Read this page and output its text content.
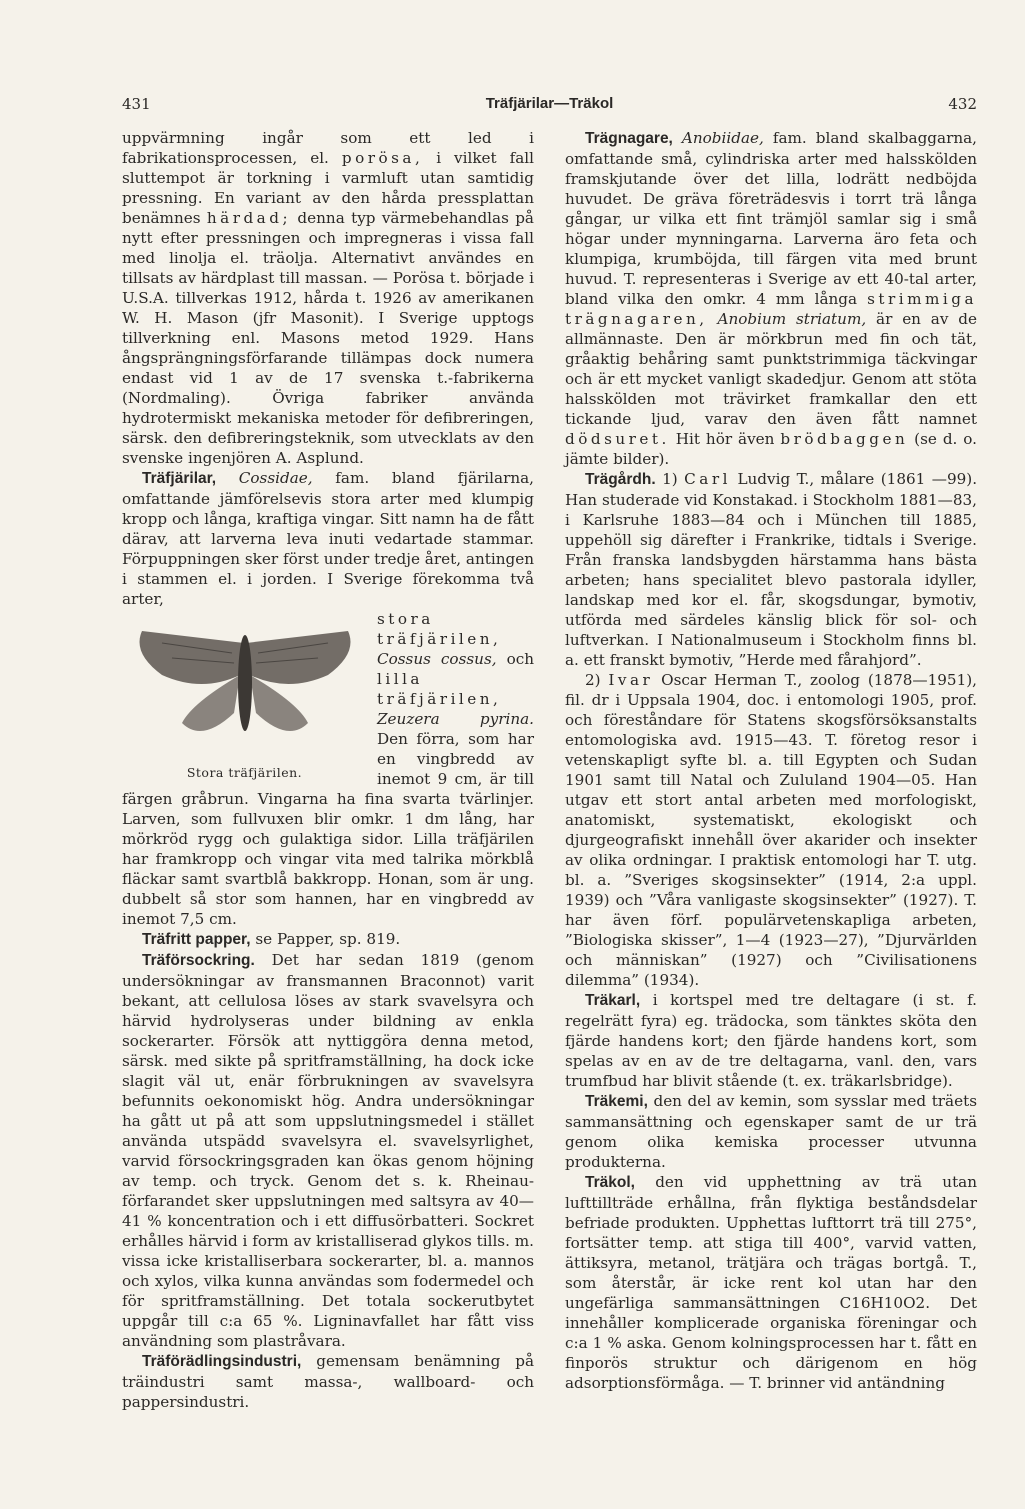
431	Träfjärilar—Träkol	432

uppvärmning ingår som ett led i fabrikationsprocessen, el. porösa, i vilket fall sluttempot är torkning i varmluft utan samtidig pressning. En variant av den hårda pressplattan benämnes härdad; denna typ värmebehandlas på nytt efter pressningen och impregneras i vissa fall med linolja el. träolja. Alternativt användes en tillsats av härdplast till massan. — Porösa t. började i U.S.A. tillverkas 1912, hårda t. 1926 av amerikanen W. H. Mason (jfr Masonit). I Sverige upptogs tillverkning enl. Masons metod 1929. Hans ångsprängningsförfarande tillämpas dock numera endast vid 1 av de 17 svenska t.-fabrikerna (Nordmaling). Övriga fabriker använda hydrotermiskt mekaniska metoder för defibreringen, särsk. den defibreringsteknik, som utvecklats av den svenske ingenjören A. Asplund.

Träfjärilar, Cossidae, fam. bland fjärilarna, omfattande jämförelsevis stora arter med klumpig kropp och långa, kraftiga vingar. Sitt namn ha de fått därav, att larverna leva inuti vedartade stammar. Förpuppningen sker först under tredje året, antingen i stammen el. i jorden. I Sverige förekomma två arter,

Stora träfjärilen.

stora träfjärilen, Cossus cossus, och lilla träfjärilen, Zeuzera pyrina. Den förra, som har en vingbredd av inemot 9 cm, är till färgen gråbrun. Vingarna ha fina svarta tvärlinjer. Larven, som fullvuxen blir omkr. 1 dm lång, har mörkröd rygg och gulaktiga sidor. Lilla träfjärilen har framkropp och vingar vita med talrika mörkblå fläckar samt svartblå bakkropp. Honan, som är ung. dubbelt så stor som hannen, har en vingbredd av inemot 7,5 cm.

Träfritt papper, se Papper, sp. 819.

Träförsockring. Det har sedan 1819 (genom undersökningar av fransmannen Braconnot) varit bekant, att cellulosa löses av stark svavelsyra och härvid hydrolyseras under bildning av enkla sockerarter. Försök att nyttiggöra denna metod, särsk. med sikte på spritframställning, ha dock icke slagit väl ut, enär förbrukningen av svavelsyra befunnits oekonomiskt hög. Andra undersökningar ha gått ut på att som uppslutningsmedel i stället använda utspädd svavelsyra el. svavelsyrlighet, varvid försockringsgraden kan ökas genom höjning av temp. och tryck. Genom det s. k. Rheinau-förfarandet sker uppslutningen med saltsyra av 40—41 % koncentration och i ett diffusörbatteri. Sockret erhålles härvid i form av kristalliserad glykos tills. m. vissa icke kristalliserbara sockerarter, bl. a. mannos och xylos, vilka kunna användas som fodermedel och för spritframställning. Det totala sockerutbytet uppgår till c:a 65 %. Ligninavfallet har fått viss användning som plastråvara.

Träförädlingsindustri, gemensam benämning på träindustri samt massa-, wallboard- och pappersindustri.

Trägnagare, Anobiidae, fam. bland skalbaggarna, omfattande små, cylindriska arter med halsskölden framskjutande över det lilla, lodrätt nedböjda huvudet. De gräva företrädesvis i torrt trä långa gångar, ur vilka ett fint trämjöl samlar sig i små högar under mynningarna. Larverna äro feta och klumpiga, krumböjda, till färgen vita med brunt huvud. T. representeras i Sverige av ett 40-tal arter, bland vilka den omkr. 4 mm långa strimmiga trägnagaren, Anobium striatum, är en av de allmännaste. Den är mörkbrun med fin och tät, gråaktig behåring samt punktstrimmiga täckvingar och är ett mycket vanligt skadedjur. Genom att stöta halsskölden mot trävirket framkallar den ett tickande ljud, varav den även fått namnet dödsuret. Hit hör även brödbaggen (se d. o. jämte bilder).

Trägårdh. 1) Carl Ludvig T., målare (1861 —99). Han studerade vid Konstakad. i Stockholm 1881—83, i Karlsruhe 1883—84 och i München till 1885, uppehöll sig därefter i Frankrike, tidtals i Sverige. Från franska landsbygden härstamma hans bästa arbeten; hans specialitet blevo pastorala idyller, landskap med kor el. får, skogsdungar, bymotiv, utförda med särdeles känslig blick för sol- och luftverkan. I Nationalmuseum i Stockholm finns bl. a. ett franskt bymotiv, ”Herde med fårahjord”.

2) Ivar Oscar Herman T., zoolog (1878—1951), fil. dr i Uppsala 1904, doc. i entomologi 1905, prof. och föreståndare för Statens skogsförsöksanstalts entomologiska avd. 1915—43. T. företog resor i vetenskapligt syfte bl. a. till Egypten och Sudan 1901 samt till Natal och Zululand 1904—05. Han utgav ett stort antal arbeten med morfologiskt, anatomiskt, systematiskt, ekologiskt och djurgeografiskt innehåll över akarider och insekter av olika ordningar. I praktisk entomologi har T. utg. bl. a. ”Sveriges skogsinsekter” (1914, 2:a uppl. 1939) och ”Våra vanligaste skogsinsekter” (1927). T. har även förf. populärvetenskapliga arbeten, ”Biologiska skisser”, 1—4 (1923—27), ”Djurvärlden och människan” (1927) och ”Civilisationens dilemma” (1934).

Träkarl, i kortspel med tre deltagare (i st. f. regelrätt fyra) eg. trädocka, som tänktes sköta den fjärde handens kort; den fjärde handens kort, som spelas av en av de tre deltagarna, vanl. den, vars trumfbud har blivit stående (t. ex. träkarlsbridge).

Träkemi, den del av kemin, som sysslar med träets sammansättning och egenskaper samt de ur trä genom olika kemiska processer utvunna produkterna.

Träkol, den vid upphettning av trä utan lufttillträde erhållna, från flyktiga beståndsdelar befriade produkten. Upphettas lufttorrt trä till 275°, fortsätter temp. att stiga till 400°, varvid vatten, ättiksyra, metanol, trätjära och trägas bortgå. T., som återstår, är icke rent kol utan har den ungefärliga sammansättningen C16H10O2. Det innehåller komplicerade organiska föreningar och c:a 1 % aska. Genom kolningsprocessen har t. fått en finporös struktur och därigenom en hög adsorptionsförmåga. — T. brinner vid antändning
